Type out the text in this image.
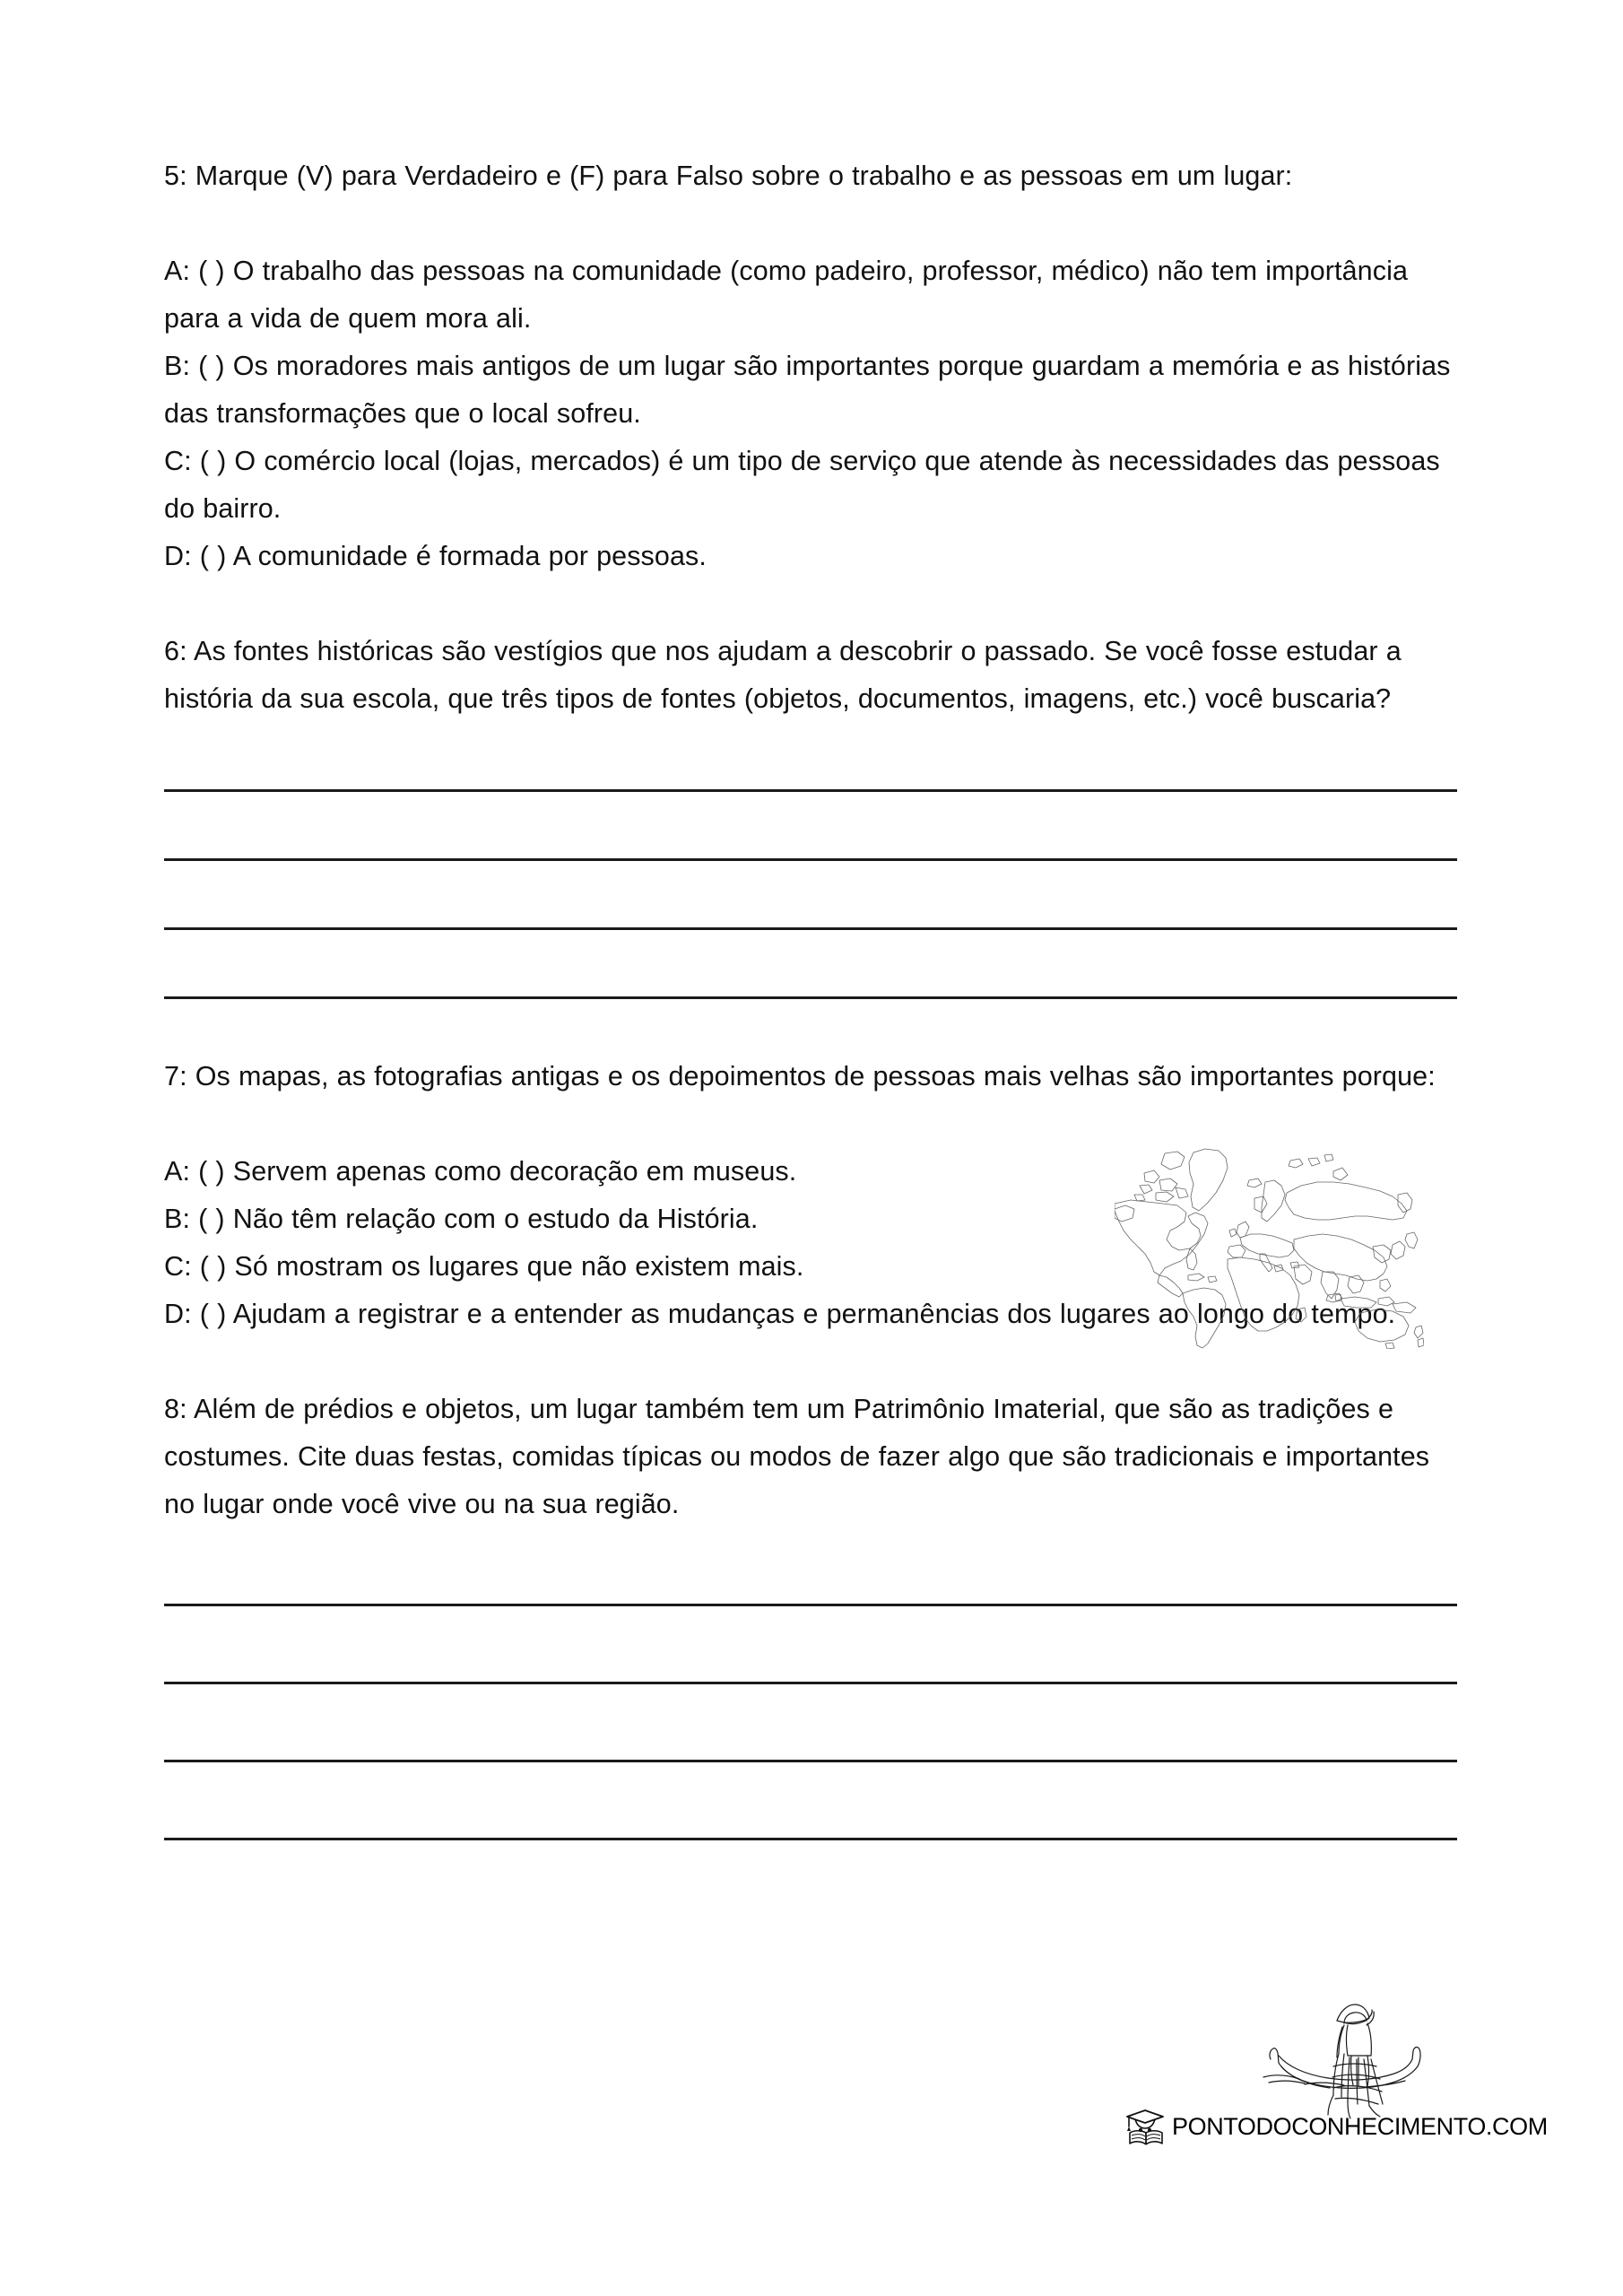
5: Marque (V) para Verdadeiro e (F) para Falso sobre o trabalho e as pessoas em um lugar:

A: ( ) O trabalho das pessoas na comunidade (como padeiro, professor, médico) não tem importância para a vida de quem mora ali.

B: ( ) Os moradores mais antigos de um lugar são importantes porque guardam a memória e as histórias das transformações que o local sofreu.

C: ( ) O comércio local (lojas, mercados) é um tipo de serviço que atende às necessidades das pessoas do bairro.

D: ( ) A comunidade é formada por pessoas.

6: As fontes históricas são vestígios que nos ajudam a descobrir o passado. Se você fosse estudar a história da sua escola, que três tipos de fontes (objetos, documentos, imagens, etc.) você buscaria?

7: Os mapas, as fotografias antigas e os depoimentos de pessoas mais velhas são importantes porque:

A: ( ) Servem apenas como decoração em museus.

B: ( ) Não têm relação com o estudo da História.

C: ( ) Só mostram os lugares que não existem mais.

D: ( ) Ajudam a registrar e a entender as mudanças e permanências dos lugares ao longo do tempo.

8: Além de prédios e objetos, um lugar também tem um Patrimônio Imaterial, que são as tradições e costumes. Cite duas festas, comidas típicas ou modos de fazer algo que são tradicionais e importantes no lugar onde você vive ou na sua região.

PONTODOCONHECIMENTO.COM
